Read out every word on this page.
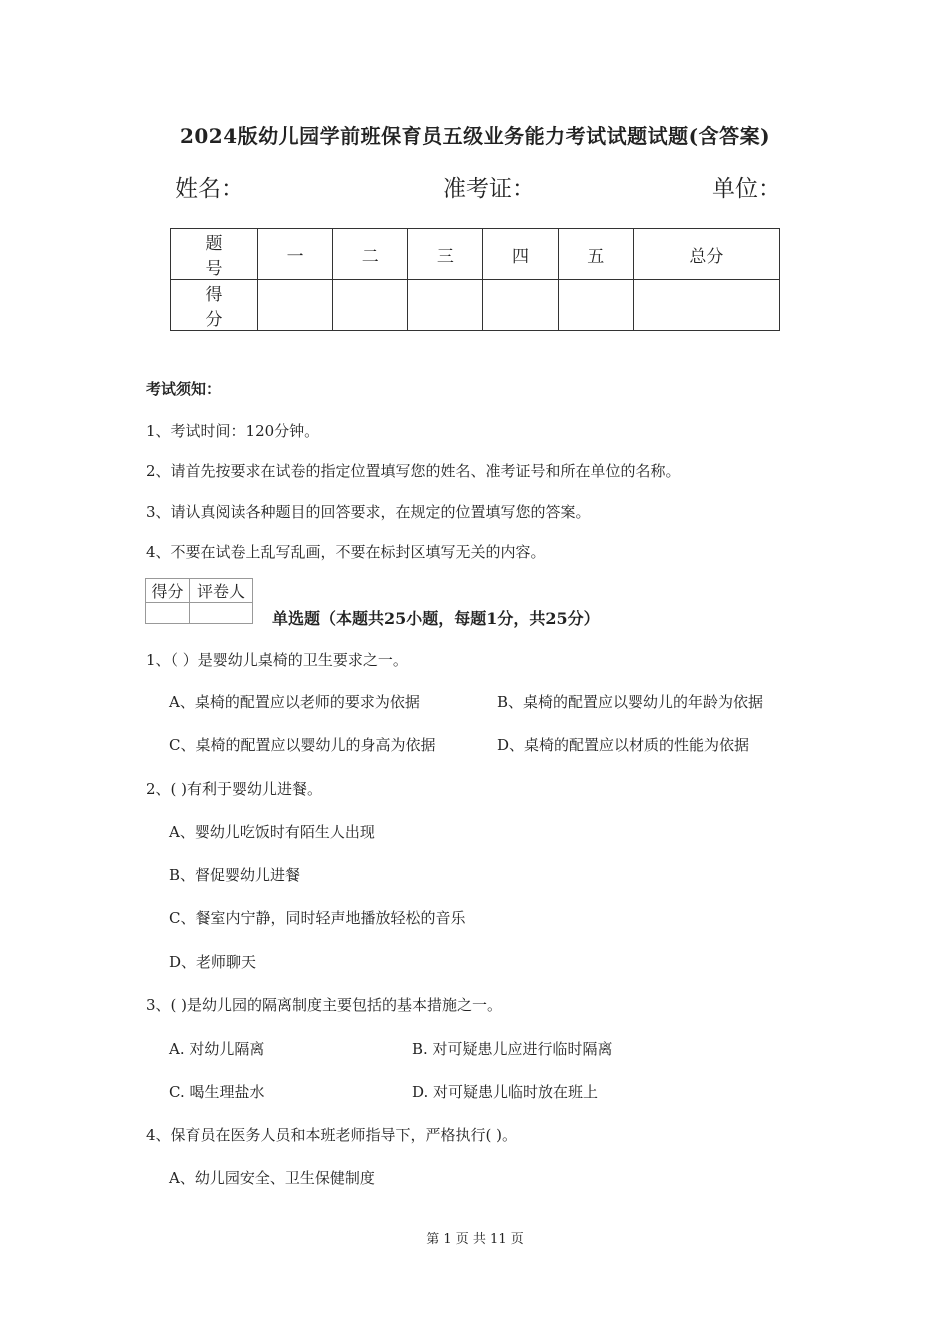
2024版幼儿园学前班保育员五级业务能力考试试题试题(含答案)
姓名：	准考证：	单位：
题 号	一	二	三	四	五	总分
得 分						
考试须知：
1、考试时间：120分钟。
2、请首先按要求在试卷的指定位置填写您的姓名、准考证号和所在单位的名称。
3、请认真阅读各种题目的回答要求，在规定的位置填写您的答案。
4、不要在试卷上乱写乱画，不要在标封区填写无关的内容。
得分	评卷人

单选题（本题共25小题，每题1分，共25分）
1、（ ）是婴幼儿桌椅的卫生要求之一。
A、桌椅的配置应以老师的要求为依据	B、桌椅的配置应以婴幼儿的年龄为依据
C、桌椅的配置应以婴幼儿的身高为依据	D、桌椅的配置应以材质的性能为依据
2、( )有利于婴幼儿进餐。
A、婴幼儿吃饭时有陌生人出现
B、督促婴幼儿进餐
C、餐室内宁静，同时轻声地播放轻松的音乐
D、老师聊天
3、( )是幼儿园的隔离制度主要包括的基本措施之一。
A. 对幼儿隔离	B. 对可疑患儿应进行临时隔离
C. 喝生理盐水	D. 对可疑患儿临时放在班上
4、保育员在医务人员和本班老师指导下，严格执行( )。
A、幼儿园安全、卫生保健制度
第 1 页 共 11 页
